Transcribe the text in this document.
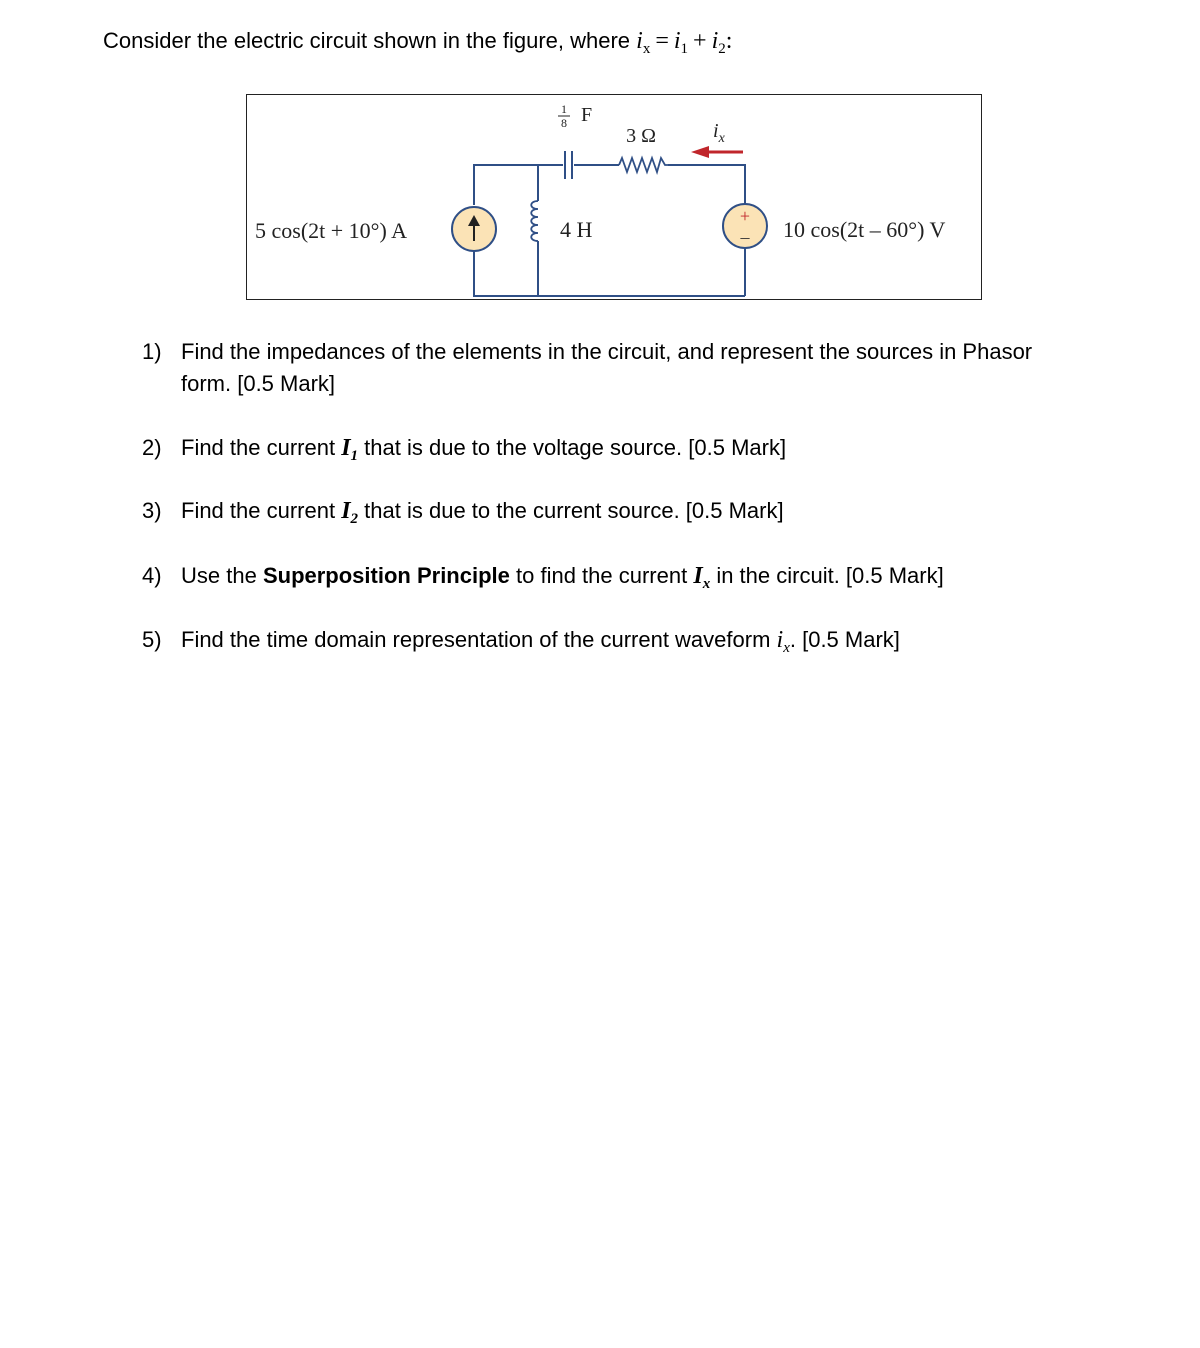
Consider the electric circuit shown in the figure, where $i_x = i_1 + i_2$:
+
–
5 cos(2t + 10°) A
1
8 F
3 Ω	$i_x$
4 H	10 cos(2t – 60°) V
1) Find the impedances of the elements in the circuit, and represent the sources in Phasor
form. [0.5 Mark]
2) Find the current $I_1$ that is due to the voltage source. [0.5 Mark]
3) Find the current $I_2$ that is due to the current source. [0.5 Mark]
4) Use the Superposition Principle to find the current $I_x$ in the circuit. [0.5 Mark]
5) Find the time domain representation of the current waveform $i_x$. [0.5 Mark]
